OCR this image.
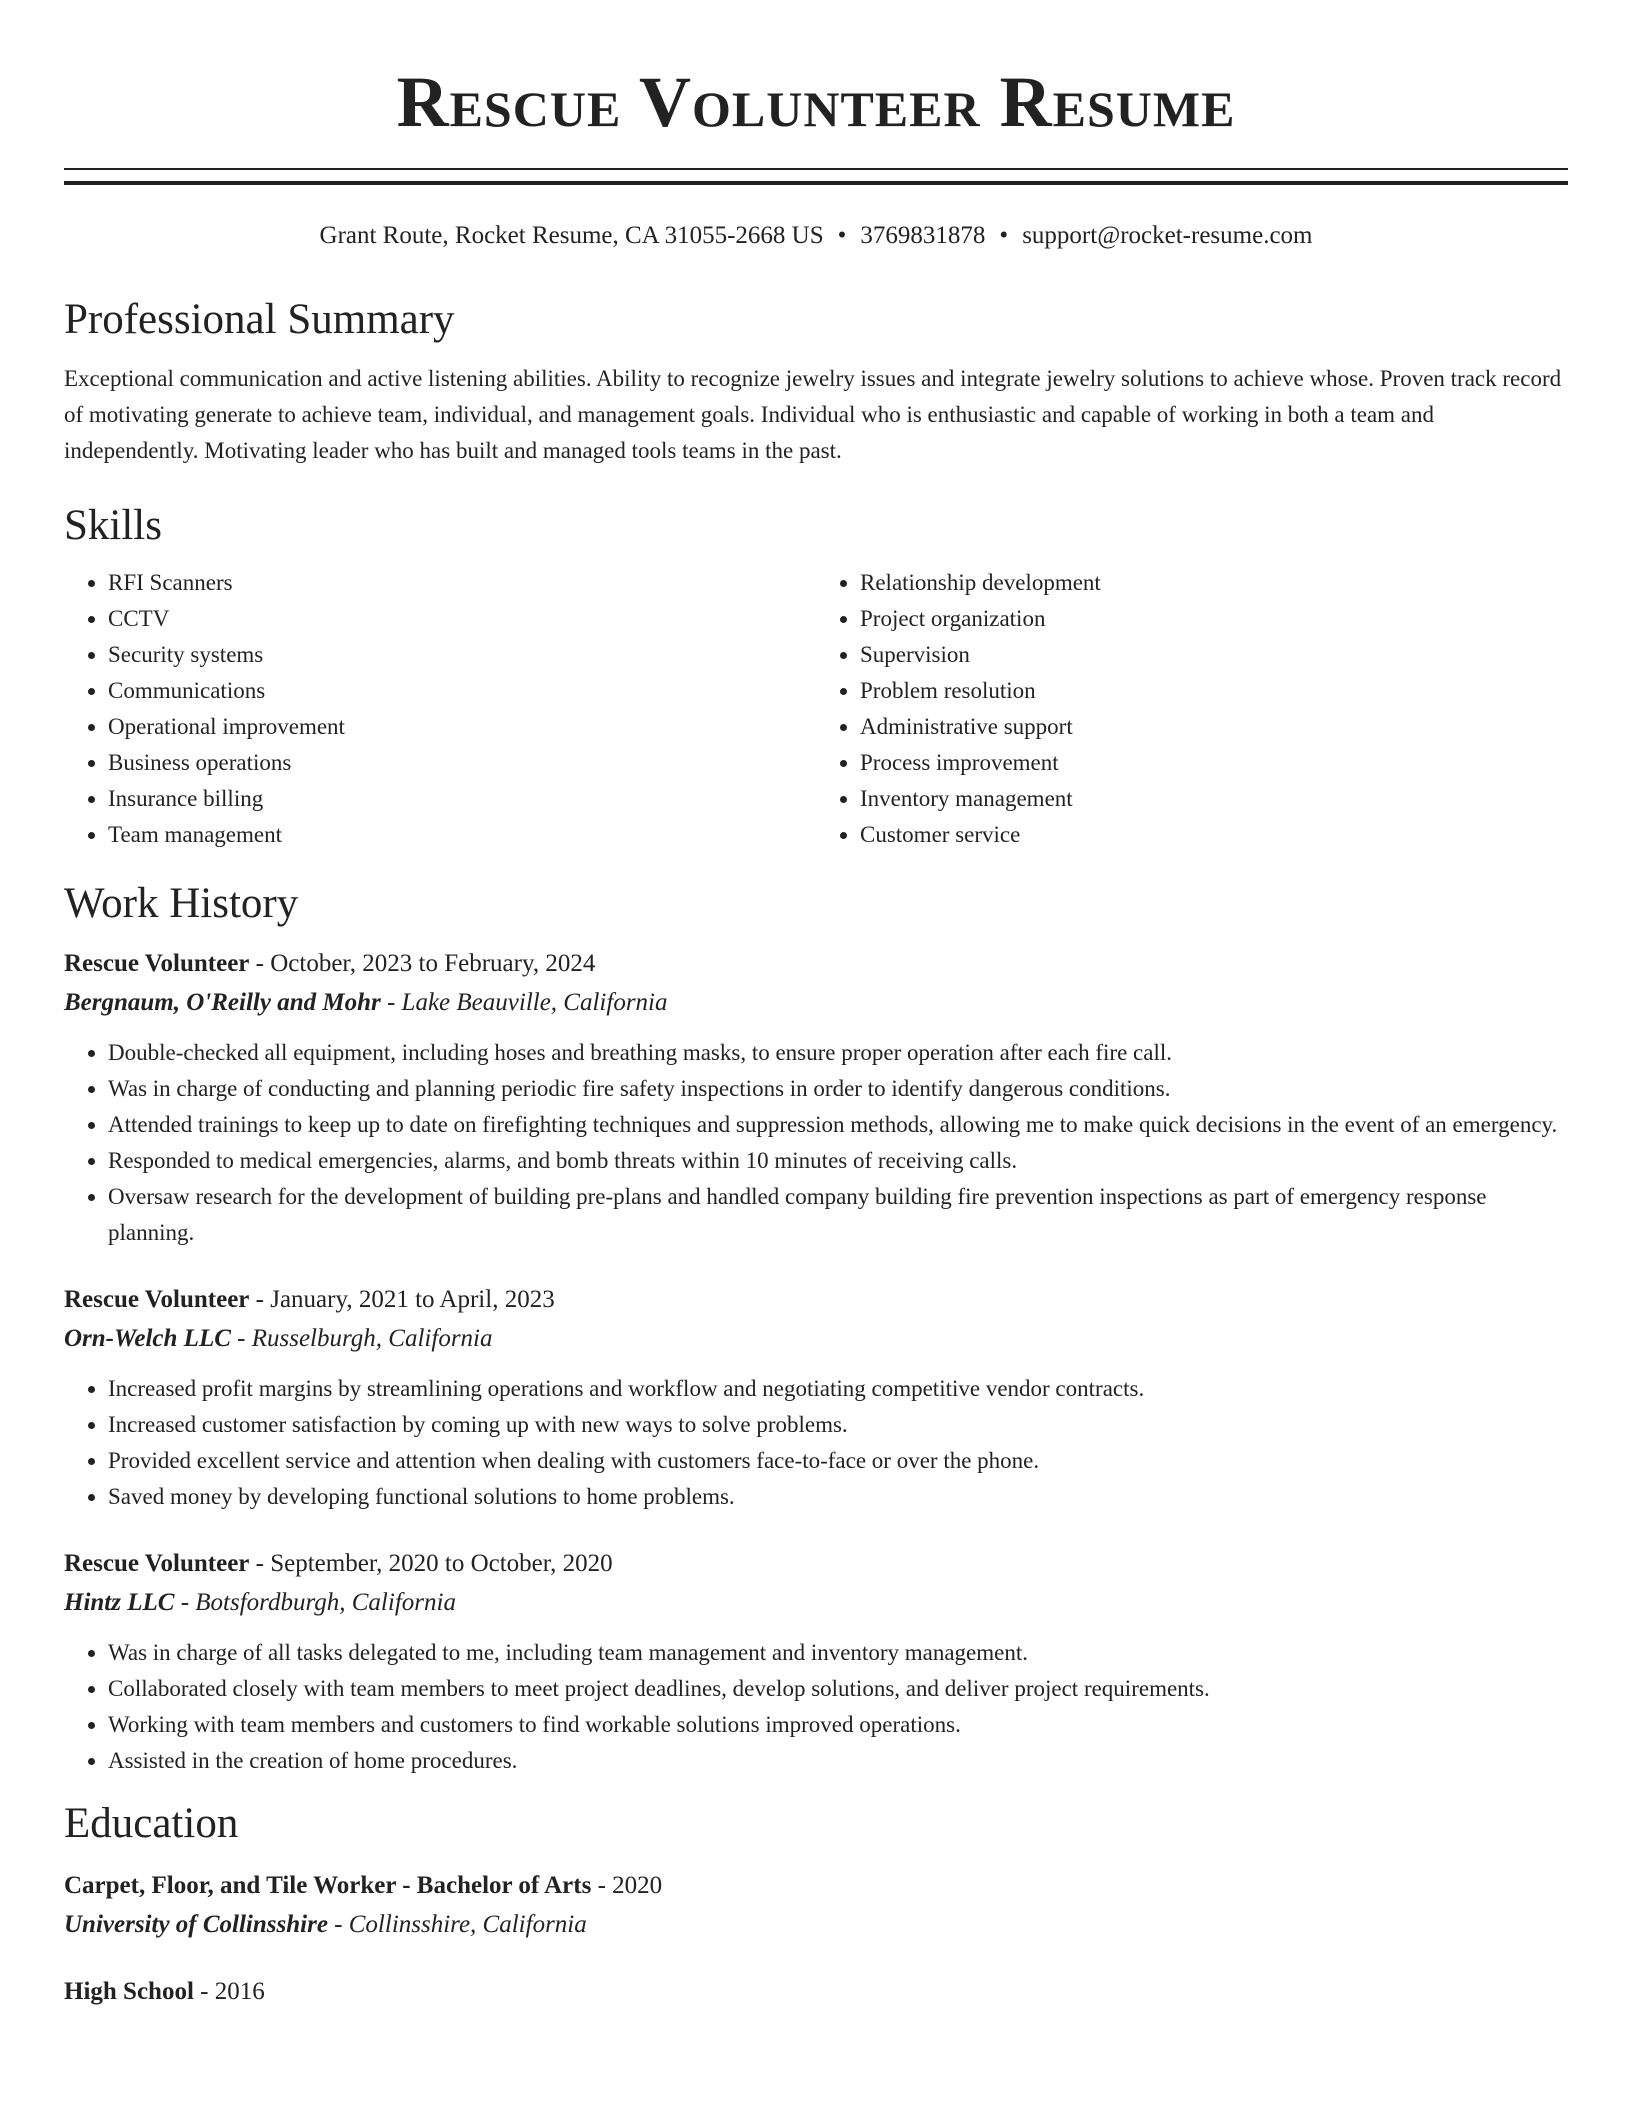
Rescue Volunteer Resume
Grant Route, Rocket Resume, CA 31055-2668 US • 3769831878 • support@rocket-resume.com
Professional Summary

Exceptional communication and active listening abilities. Ability to recognize jewelry issues and integrate jewelry solutions to achieve whose. Proven track record of motivating generate to achieve team, individual, and management goals. Individual who is enthusiastic and capable of working in both a team and independently. Motivating leader who has built and managed tools teams in the past.

Skills
• RFI Scanners
• CCTV
• Security systems
• Communications
• Operational improvement
• Business operations
• Insurance billing
• Team management
• Relationship development
• Project organization
• Supervision
• Problem resolution
• Administrative support
• Process improvement
• Inventory management
• Customer service
Work History
Rescue Volunteer - October, 2023 to February, 2024
Bergnaum, O'Reilly and Mohr - Lake Beauville, California
• Double-checked all equipment, including hoses and breathing masks, to ensure proper operation after each fire call.
• Was in charge of conducting and planning periodic fire safety inspections in order to identify dangerous conditions.
• Attended trainings to keep up to date on firefighting techniques and suppression methods, allowing me to make quick decisions in the event of an emergency.
• Responded to medical emergencies, alarms, and bomb threats within 10 minutes of receiving calls.
• Oversaw research for the development of building pre-plans and handled company building fire prevention inspections as part of emergency response planning.
Rescue Volunteer - January, 2021 to April, 2023
Orn-Welch LLC - Russelburgh, California
• Increased profit margins by streamlining operations and workflow and negotiating competitive vendor contracts.
• Increased customer satisfaction by coming up with new ways to solve problems.
• Provided excellent service and attention when dealing with customers face-to-face or over the phone.
• Saved money by developing functional solutions to home problems.
Rescue Volunteer - September, 2020 to October, 2020
Hintz LLC - Botsfordburgh, California
• Was in charge of all tasks delegated to me, including team management and inventory management.
• Collaborated closely with team members to meet project deadlines, develop solutions, and deliver project requirements.
• Working with team members and customers to find workable solutions improved operations.
• Assisted in the creation of home procedures.
Education
Carpet, Floor, and Tile Worker - Bachelor of Arts - 2020
University of Collinsshire - Collinsshire, California
High School - 2016
